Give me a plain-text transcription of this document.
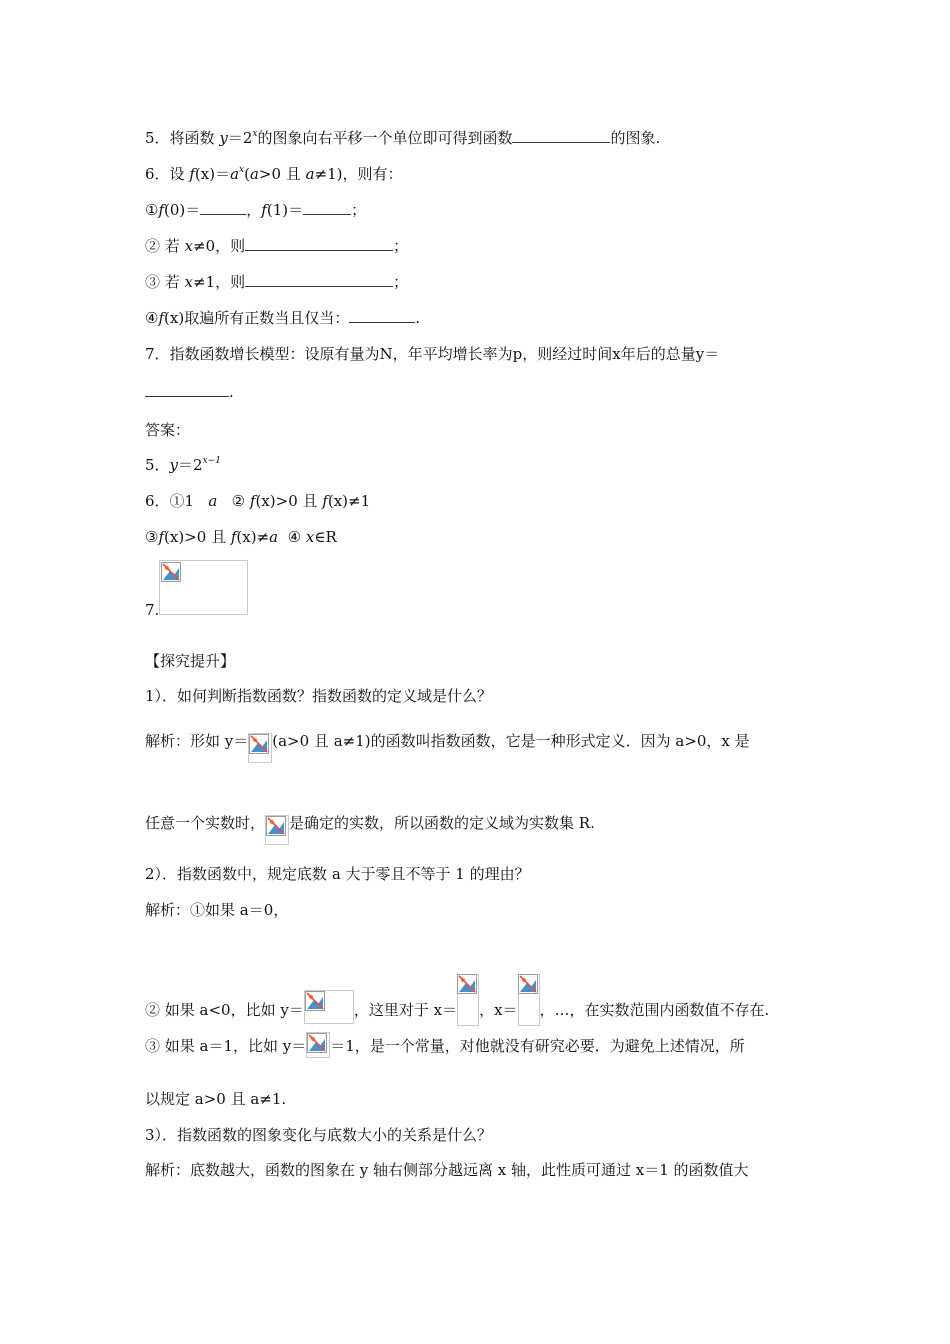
5．将函数 $y=2^x$的图象向右平移一个单位即可得到函数	的图象.
6．设 $f(x)=a^x(a>0$ 且 a≠1)，则有：
①f(0)＝	，f(1)＝	；
② 若 x≠0，则	；
③ 若 x≠1，则	；
④f(x)取遍所有正数当且仅当：	.
7．指数函数增长模型：设原有量为N，年平均增长率为p，则经过时间x年后的总量y＝
.
答案：
5．$y=2^{x-1}$
6．①1 a ② f(x)>0 且 f(x)≠1
③f(x)>0 且 f(x)≠a ④ x∈R
7.
【探究提升】
1）．如何判断指数函数？指数函数的定义域是什么？
解析：形如 y＝ (a>0 且 a≠1)的函数叫指数函数，它是一种形式定义．因为 a>0，x 是
任意一个实数时， 是确定的实数，所以函数的定义域为实数集 R.
2）．指数函数中，规定底数 a 大于零且不等于 1 的理由？
解析：①如果 a＝0，
② 如果 a<0，比如 y＝	，这里对于 x＝ ，x＝ ，…，在实数范围内函数值不存在.
③ 如果 a＝1，比如 y＝ ＝1，是一个常量，对他就没有研究必要．为避免上述情况，所
以规定 a>0 且 a≠1.
3）．指数函数的图象变化与底数大小的关系是什么？
解析：底数越大，函数的图象在 y 轴右侧部分越远离 x 轴，此性质可通过 x＝1 的函数值大
